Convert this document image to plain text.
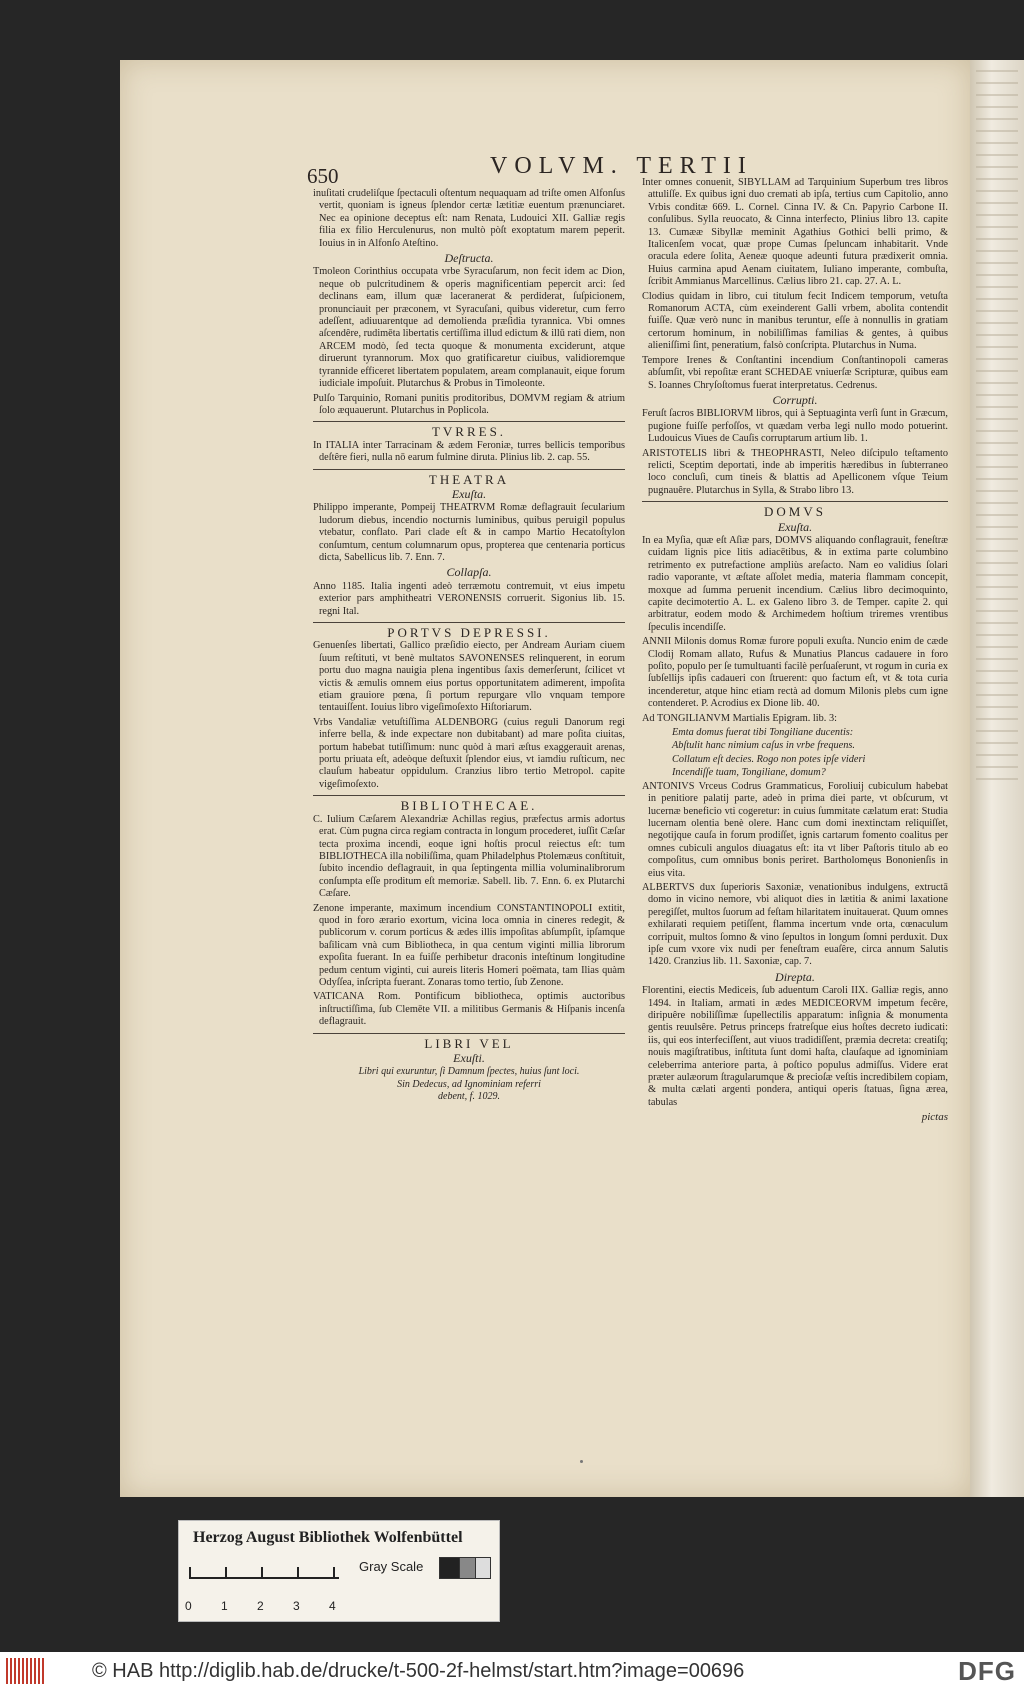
650	VOLVM. TERTII

inuſitati crudeliſque ſpectaculi oſtentum nequaquam ad triſte omen Alfonſus vertit, quoniam is igneus ſplendor certæ lætitiæ euentum prænunciaret. Nec ea opinione deceptus eſt: nam Renata, Ludouici XII. Galliæ regis filia ex filio Herculenurus, non multò pòſt exoptatum marem peperit. Iouius in in Alfonſo Ateſtino.

Deſtructa.

Tmoleon Corinthius occupata vrbe Syracuſarum, non fecit idem ac Dion, neque ob pulcritudinem & operis magnificentiam pepercit arci: ſed declinans eam, illum quæ laceranerat & perdiderat, ſuſpicionem, pronunciauit per præconem, vt Syracuſani, quibus videretur, cum ferro adeſſent, adiuuarentque ad demolienda præſidia tyrannica. Vbi omnes aſcendêre, rudimēta libertatis certiſſima illud edictum & illū rati diem, non ARCEM modò, ſed tecta quoque & monumenta exciderunt, atque diruerunt tyrannorum. Mox quo gratificaretur ciuibus, validioremque tyrannide efficeret libertatem populatem, aream complanauit, eique forum iudiciale impoſuit. Plutarchus & Probus in Timoleonte.

Pulſo Tarquinio, Romani punitis proditoribus, DOMVM regiam & atrium ſolo æquauerunt. Plutarchus in Poplicola.

TVRRES.

In ITALIA inter Tarracinam & ædem Feroniæ, turres bellicis temporibus deſtêre fieri, nulla nō earum fulmine diruta. Plinius lib. 2. cap. 55.

THEATRA
Exuſta.

Philippo imperante, Pompeij THEATRVM Romæ deflagrauit ſecularium ludorum diebus, incendio nocturnis luminibus, quibus peruigil populus vtebatur, conflato. Pari clade eſt & in campo Martio Hecatoſtylon conſumtum, centum columnarum opus, propterea que centenaria porticus dicta, Sabellicus lib. 7. Enn. 7.

Collapſa.

Anno 1185. Italia ingenti adeò terræmotu contremuit, vt eius impetu exterior pars amphitheatri VERONENSIS corruerit. Sigonius lib. 15. regni Ital.

PORTVS DEPRESSI.

Genuenſes libertati, Gallico præſidio eiecto, per Andream Auriam ciuem ſuum reſtituti, vt benè multatos SAVONENSES relinquerent, in eorum portu duo magna nauigia plena ingentibus ſaxis demerſerunt, ſcilicet vt victis & æmulis omnem eius portus opportunitatem adimerent, impoſita etiam grauiore pœna, ſi portum repurgare vllo vnquam tempore tentauiſſent. Iouius libro vigeſimoſexto Hiſtoriarum.

Vrbs Vandaliæ vetuſtiſſima ALDENBORG (cuius reguli Danorum regi inferre bella, & inde expectare non dubitabant) ad mare poſita ciuitas, portum habebat tutiſſimum: nunc quòd à mari æſtus exaggerauit arenas, portu priuata eſt, adeòque deſtuxit ſplendor eius, vt iamdiu ruſticum, nec clauſum habeatur oppidulum. Cranzius libro tertio Metropol. capite vigeſimoſexto.

BIBLIOTHECAE.

C. Iulium Cæſarem Alexandriæ Achillas regius, præfectus armis adortus erat. Cùm pugna circa regiam contracta in longum procederet, iuſſit Cæſar tecta proxima incendi, eoque igni hoſtis procul reiectus eſt: tum BIBLIOTHECA illa nobiliſſima, quam Philadelphus Ptolemæus conſtituit, ſubito incendio deflagrauit, in qua ſeptingenta millia voluminalibrorum conſumpta eſſe proditum eſt memoriæ. Sabell. lib. 7. Enn. 6. ex Plutarchi Cæſare.

Zenone imperante, maximum incendium CONSTANTINOPOLI extitit, quod in foro ærario exortum, vicina loca omnia in cineres redegit, & publicorum v. corum porticus & ædes illis impoſitas abſumpſit, ipſamque baſilicam vnà cum Bibliotheca, in qua centum viginti millia librorum expoſita fuerant. In ea fuiſſe perhibetur draconis inteſtinum longitudine pedum centum viginti, cui aureis literis Homeri poëmata, tam Ilias quàm Odyſſea, inſcripta fuerant. Zonaras tomo tertio, ſub Zenone.

VATICANA Rom. Pontificum bibliotheca, optimis auctoribus inſtructiſſima, ſub Clemēte VII. a militibus Germanis & Hiſpanis incenſa deflagrauit.

LIBRI VEL
Exuſti.
Libri qui exuruntur, ſi Damnum ſpectes, huius ſunt loci.
Sin Dedecus, ad Ignominiam referri
debent, f. 1029.

Inter omnes conuenit, SIBYLLAM ad Tarquinium Superbum tres libros attuliſſe. Ex quibus igni duo cremati ab ipſa, tertius cum Capitolio, anno Vrbis conditæ 669. L. Cornel. Cinna IV. & Cn. Papyrio Carbone II. conſulibus. Sylla reuocato, & Cinna interfecto, Plinius libro 13. capite 13. Cumææ Sibyllæ meminit Agathius Gothici belli primo, & Italicenſem vocat, quæ prope Cumas ſpeluncam inhabitarit. Vnde oracula edere ſolita, Aeneæ quoque adeunti futura prædixerit omnia. Huius carmina apud Aenam ciuitatem, Iuliano imperante, combuſta, ſcribit Ammianus Marcellinus. Cælius libro 21. cap. 27. A. L.

Clodius quidam in libro, cui titulum fecit Indicem temporum, vetuſta Romanorum ACTA, cùm exeinderent Galli vrbem, abolita contendit fuiſſe. Quæ verò nunc in manibus teruntur, eſſe à nonnullis in gratiam certorum hominum, in nobiliſſimas familias & gentes, à quibus alieniſſimi ſint, peneratium, falsò conſcripta. Plutarchus in Numa.

Tempore Irenes & Conſtantini incendium Conſtantinopoli cameras abſumſit, vbi repoſitæ erant SCHEDAE vniuerſæ Scripturæ, quibus eam S. Ioannes Chryſoſtomus fuerat interpretatus. Cedrenus.

Corrupti.

Feruſt ſacros BIBLIORVM libros, qui à Septuaginta verſi ſunt in Græcum, pugione fuiſſe perfoſſos, vt quædam verba legi nullo modo potuerint. Ludouicus Viues de Cauſis corruptarum artium lib. 1.

ARISTOTELIS libri & THEOPHRASTI, Neleo diſcipulo teſtamento relicti, Sceptim deportati, inde ab imperitis hæredibus in ſubterraneo loco concluſi, cum tineis & blattis ad Apelliconem vſque Teium pugnauêre. Plutarchus in Sylla, & Strabo libro 13.

DOMVS
Exuſta.

In ea Myſia, quæ eſt Aſiæ pars, DOMVS aliquando conflagrauit, feneſtræ cuidam lignis pice litis adiacētibus, & in extima parte columbino retrimento ex putrefactione ampliùs areſacto. Nam eo validius ſolari radio vaporante, vt æſtate aſſolet media, materia flammam concepit, moxque ad ſumma peruenit incendium. Cælius libro decimoquinto, capite decimotertio A. L. ex Galeno libro 3. de Temper. capite 2. qui arbitratur, eodem modo & Archimedem hoſtium triremes vrentibus ſpeculis incendiſſe.

ANNII Milonis domus Romæ furore populi exuſta. Nuncio enim de cæde Clodij Romam allato, Rufus & Munatius Plancus cadauere in foro poſito, populo per ſe tumultuanti facilè perſuaſerunt, vt rogum in curia ex ſubſellijs ipſis cadaueri con ſtruerent: quo factum eſt, vt & tota curia incenderetur, atque hinc etiam rectà ad domum Milonis plebs cum igne contenderet. P. Acrodius ex Dione lib. 40.

Ad TONGILIANVM Martialis Epigram. lib. 3:

Emta domus fuerat tibi Tongiliane ducentis:
Abſtulit hanc nimium caſus in vrbe frequens.
Collatum eſt decies. Rogo non potes ipſe videri
Incendiſſe tuam, Tongiliane, domum?

ANTONIVS Vrceus Codrus Grammaticus, Foroliuij cubiculum habebat in penitiore palatij parte, adeò in prima diei parte, vt obſcurum, vt lucernæ beneficio vti cogeretur: in cuius ſummitate cælatum erat: Studia lucernam olentia benè olere. Hanc cum domi inextinctam reliquiſſet, negotijque cauſa in forum prodiſſet, ignis cartarum fomento coalitus per omnes cubiculi angulos diuagatus eſt: ita vt liber Paſtoris titulo ab eo compoſitus, cum omnibus bonis periret. Bartholomęus Bononienſis in eius vita.

ALBERTVS dux ſuperioris Saxoniæ, venationibus indulgens, extructā domo in vicino nemore, vbi aliquot dies in lætitia & animi laxatione peregiſſet, multos ſuorum ad feſtam hilaritatem inuitauerat. Quum omnes exhilarati requiem petiſſent, flamma incertum vnde orta, cœnaculum corripuit, multos ſomno & vino ſepultos in longum ſomni perduxit. Dux ipſe cum vxore vix nudi per feneſtram euaſêre, circa annum Salutis 1420. Cranzius lib. 11. Saxoniæ, cap. 7.

Direpta.

Florentini, eiectis Mediceis, ſub aduentum Caroli IIX. Galliæ regis, anno 1494. in Italiam, armati in ædes MEDICEORVM impetum fecêre, diripuêre nobiliſſimæ ſupellectilis apparatum: inſignia & monumenta gentis reuulsêre. Petrus princeps fratreſque eius hoſtes decreto iudicati: iis, qui eos interfeciſſent, aut viuos tradidiſſent, præmia decreta: creatiſq; nouis magiſtratibus, inſtituta ſunt domi haſta, clauſaque ad ignominiam celeberrima anteriore parta, à poſtico populus admiſſus. Videre erat præter aulæorum ſtragularumque & precioſæ veſtis incredibilem copiam, & multa cælati argenti pondera, antiqui operis ſtatuas, ſigna ærea, tabulas

pictas
Herzog August Bibliothek Wolfenbüttel
Gray Scale
0 1 2 3 4
© HAB http://diglib.hab.de/drucke/t-500-2f-helmst/start.htm?image=00696	DFG
